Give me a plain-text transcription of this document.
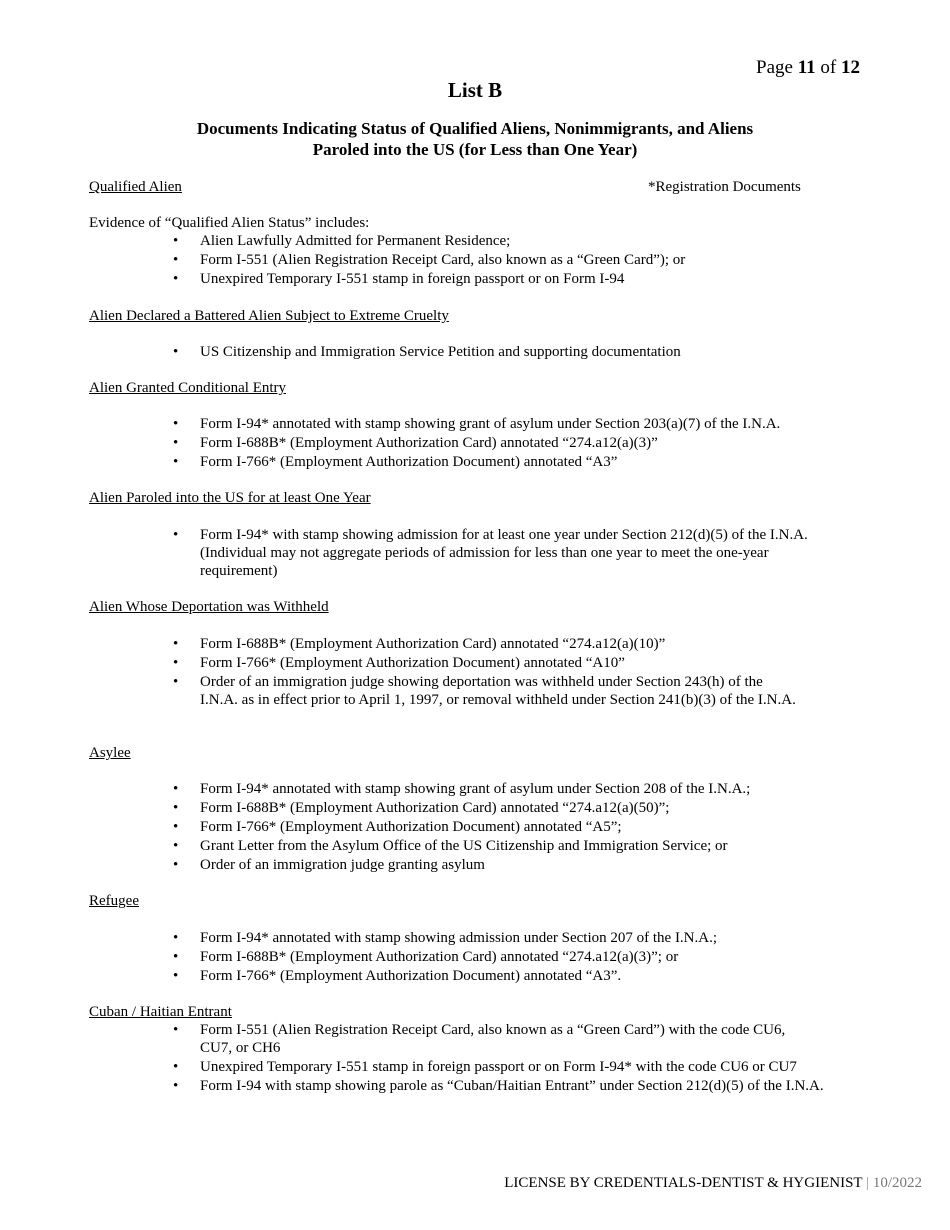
Page 11 of 12
List B
Documents Indicating Status of Qualified Aliens, Nonimmigrants, and Aliens
Paroled into the US (for Less than One Year)
Qualified Alien	*Registration Documents
Evidence of “Qualified Alien Status” includes:
• Alien Lawfully Admitted for Permanent Residence;
• Form I-551 (Alien Registration Receipt Card, also known as a “Green Card”); or
• Unexpired Temporary I-551 stamp in foreign passport or on Form I-94
Alien Declared a Battered Alien Subject to Extreme Cruelty
• US Citizenship and Immigration Service Petition and supporting documentation
Alien Granted Conditional Entry
• Form I-94* annotated with stamp showing grant of asylum under Section 203(a)(7) of the I.N.A.
• Form I-688B* (Employment Authorization Card) annotated “274.a12(a)(3)”
• Form I-766* (Employment Authorization Document) annotated “A3”
Alien Paroled into the US for at least One Year
• Form I-94* with stamp showing admission for at least one year under Section 212(d)(5) of the I.N.A. (Individual may not aggregate periods of admission for less than one year to meet the one-year requirement)
Alien Whose Deportation was Withheld
• Form I-688B* (Employment Authorization Card) annotated “274.a12(a)(10)”
• Form I-766* (Employment Authorization Document) annotated “A10”
• Order of an immigration judge showing deportation was withheld under Section 243(h) of the I.N.A. as in effect prior to April 1, 1997, or removal withheld under Section 241(b)(3) of the I.N.A.
Asylee
• Form I-94* annotated with stamp showing grant of asylum under Section 208 of the I.N.A.;
• Form I-688B* (Employment Authorization Card) annotated “274.a12(a)(50)”;
• Form I-766* (Employment Authorization Document) annotated “A5”;
• Grant Letter from the Asylum Office of the US Citizenship and Immigration Service; or
• Order of an immigration judge granting asylum
Refugee
• Form I-94* annotated with stamp showing admission under Section 207 of the I.N.A.;
• Form I-688B* (Employment Authorization Card) annotated “274.a12(a)(3)”; or
• Form I-766* (Employment Authorization Document) annotated “A3”.
Cuban / Haitian Entrant
• Form I-551 (Alien Registration Receipt Card, also known as a “Green Card”) with the code CU6, CU7, or CH6
• Unexpired Temporary I-551 stamp in foreign passport or on Form I-94* with the code CU6 or CU7
• Form I-94 with stamp showing parole as “Cuban/Haitian Entrant” under Section 212(d)(5) of the I.N.A.
LICENSE BY CREDENTIALS-DENTIST & HYGIENIST | 10/2022
